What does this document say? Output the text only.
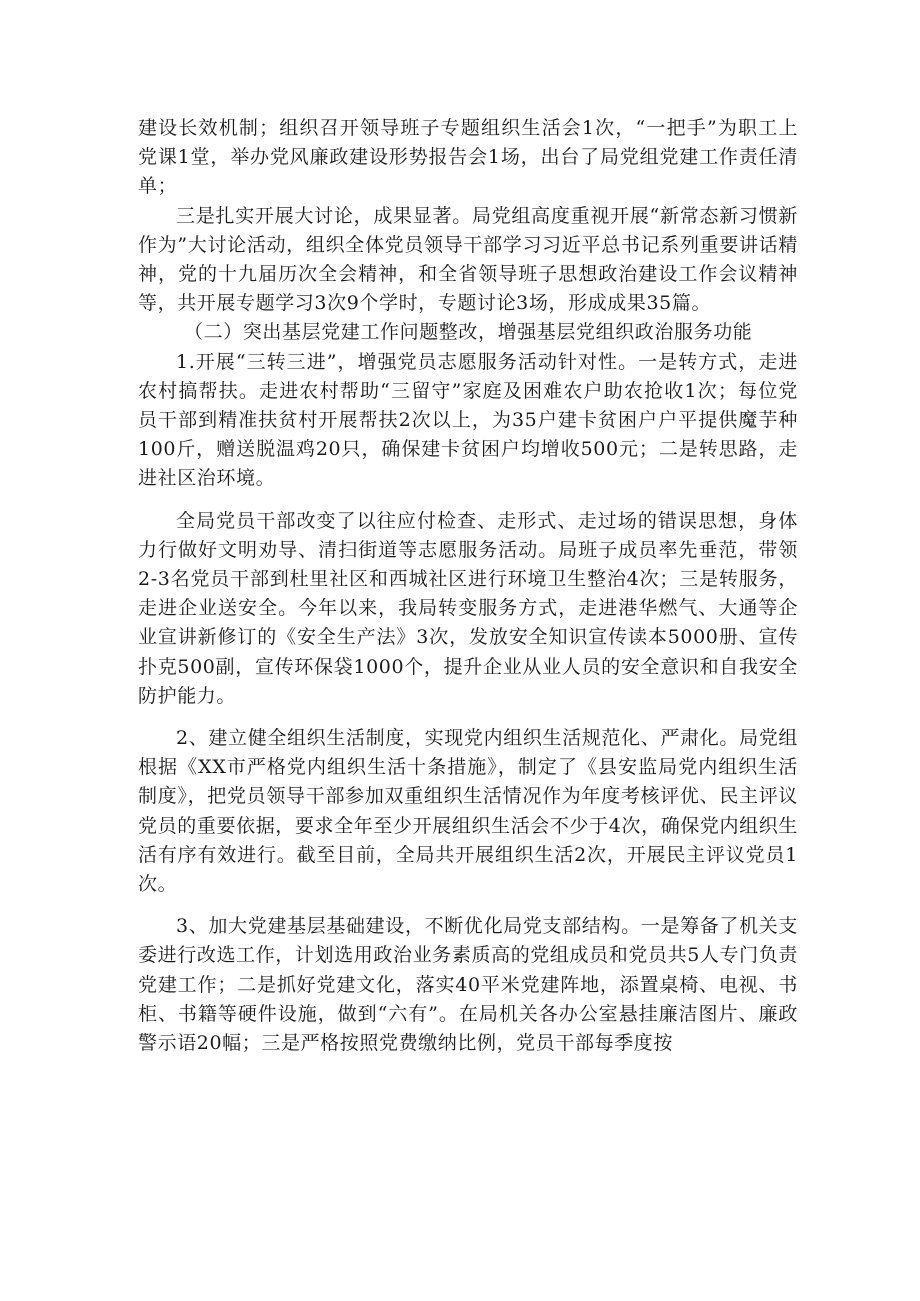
建设长效机制；组织召开领导班子专题组织生活会1次，“一把手”为职工上党课1堂，举办党风廉政建设形势报告会1场，出台了局党组党建工作责任清单；

三是扎实开展大讨论，成果显著。局党组高度重视开展“新常态新习惯新作为”大讨论活动，组织全体党员领导干部学习习近平总书记系列重要讲话精神，党的十九届历次全会精神，和全省领导班子思想政治建设工作会议精神等，共开展专题学习3次9个学时，专题讨论3场，形成成果35篇。

（二）突出基层党建工作问题整改，增强基层党组织政治服务功能

1.开展“三转三进”，增强党员志愿服务活动针对性。一是转方式，走进农村搞帮扶。走进农村帮助“三留守”家庭及困难农户助农抢收1次；每位党员干部到精准扶贫村开展帮扶2次以上，为35户建卡贫困户户平提供魔芋种100斤，赠送脱温鸡20只，确保建卡贫困户均增收500元；二是转思路，走进社区治环境。

全局党员干部改变了以往应付检查、走形式、走过场的错误思想，身体力行做好文明劝导、清扫街道等志愿服务活动。局班子成员率先垂范，带领2-3名党员干部到杜里社区和西城社区进行环境卫生整治4次；三是转服务，走进企业送安全。今年以来，我局转变服务方式，走进港华燃气、大通等企业宣讲新修订的《安全生产法》3次，发放安全知识宣传读本5000册、宣传扑克500副，宣传环保袋1000个，提升企业从业人员的安全意识和自我安全防护能力。

2、建立健全组织生活制度，实现党内组织生活规范化、严肃化。局党组根据《XX市严格党内组织生活十条措施》，制定了《县安监局党内组织生活制度》，把党员领导干部参加双重组织生活情况作为年度考核评优、民主评议党员的重要依据，要求全年至少开展组织生活会不少于4次，确保党内组织生活有序有效进行。截至目前，全局共开展组织生活2次，开展民主评议党员1次。

3、加大党建基层基础建设，不断优化局党支部结构。一是筹备了机关支委进行改选工作，计划选用政治业务素质高的党组成员和党员共5人专门负责党建工作；二是抓好党建文化，落实40平米党建阵地，添置桌椅、电视、书柜、书籍等硬件设施，做到“六有”。在局机关各办公室悬挂廉洁图片、廉政警示语20幅；三是严格按照党费缴纳比例，党员干部每季度按
